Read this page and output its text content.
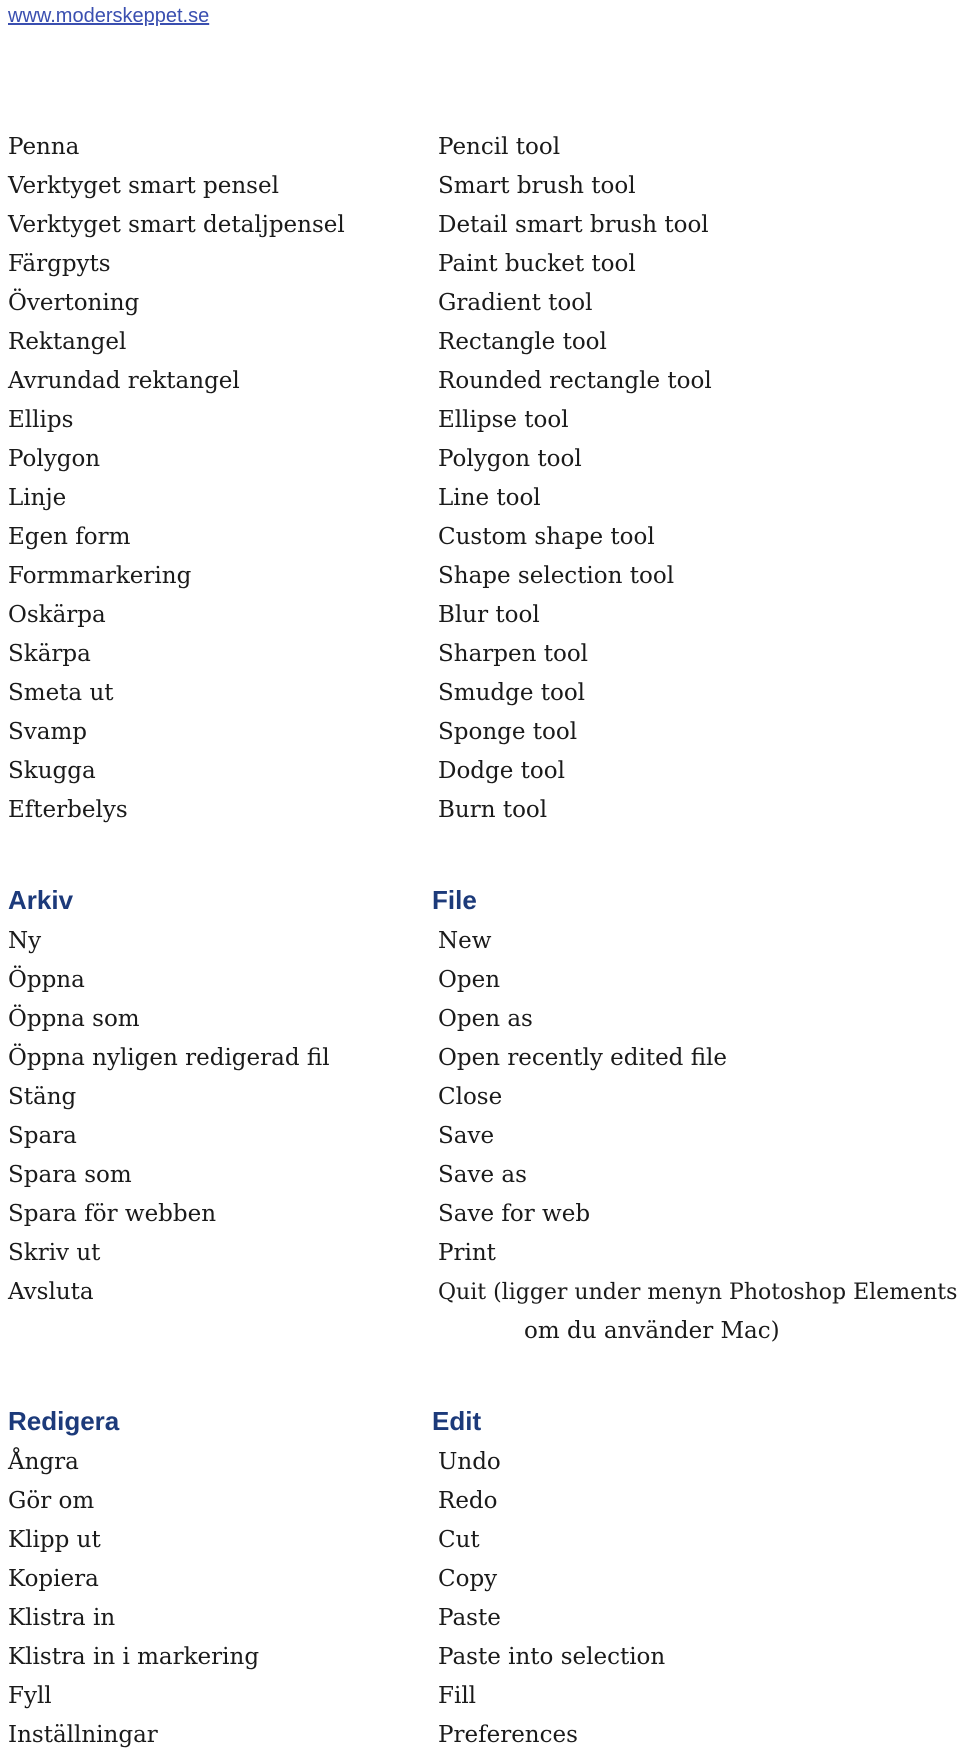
www.moderskeppet.se
Penna
Verktyget smart pensel
Verktyget smart detaljpensel
Färgpyts
Övertoning
Rektangel
Avrundad rektangel
Ellips
Polygon
Linje
Egen form
Formmarkering
Oskärpa
Skärpa
Smeta ut
Svamp
Skugga
Efterbelys
Pencil tool
Smart brush tool
Detail smart brush tool
Paint bucket tool
Gradient tool
Rectangle tool
Rounded rectangle tool
Ellipse tool
Polygon tool
Line tool
Custom shape tool
Shape selection tool
Blur tool
Sharpen tool
Smudge tool
Sponge tool
Dodge tool
Burn tool
Arkiv
Ny
Öppna
Öppna som
Öppna nyligen redigerad fil
Stäng
Spara
Spara som
Spara för webben
Skriv ut
Avsluta
File
New
Open
Open as
Open recently edited file
Close
Save
Save as
Save for web
Print
Quit (ligger under menyn Photoshop Elements
om du använder Mac)
Redigera
Ångra
Gör om
Klipp ut
Kopiera
Klistra in
Klistra in i markering
Fyll
Inställningar
Edit
Undo
Redo
Cut
Copy
Paste
Paste into selection
Fill
Preferences
